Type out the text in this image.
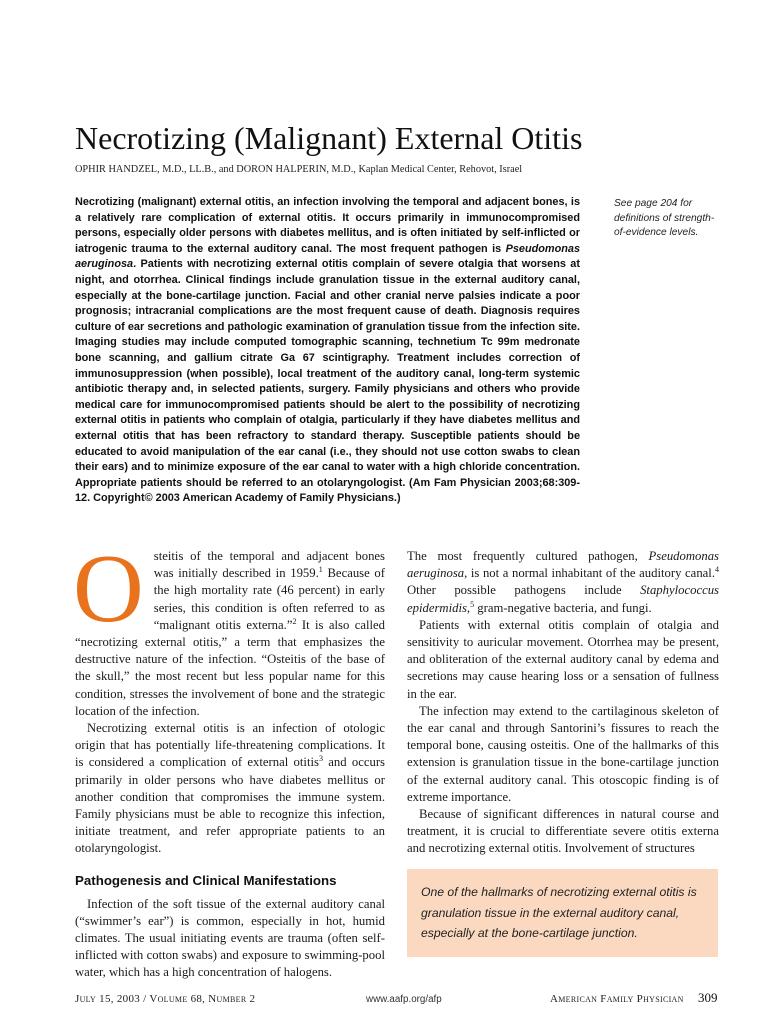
Necrotizing (Malignant) External Otitis
OPHIR HANDZEL, M.D., LL.B., and DORON HALPERIN, M.D., Kaplan Medical Center, Rehovot, Israel
Necrotizing (malignant) external otitis, an infection involving the temporal and adjacent bones, is a relatively rare complication of external otitis. It occurs primarily in immunocompromised persons, especially older persons with diabetes mellitus, and is often initiated by self-inflicted or iatrogenic trauma to the external auditory canal. The most frequent pathogen is Pseudomonas aeruginosa. Patients with necrotizing external otitis complain of severe otalgia that worsens at night, and otorrhea. Clinical findings include granulation tissue in the external auditory canal, especially at the bone-cartilage junction. Facial and other cranial nerve palsies indicate a poor prognosis; intracranial complications are the most frequent cause of death. Diagnosis requires culture of ear secretions and pathologic examination of granulation tissue from the infection site. Imaging studies may include computed tomographic scanning, technetium Tc 99m medronate bone scanning, and gallium citrate Ga 67 scintigraphy. Treatment includes correction of immunosuppression (when possible), local treatment of the auditory canal, long-term systemic antibiotic therapy and, in selected patients, surgery. Family physicians and others who provide medical care for immunocompromised patients should be alert to the possibility of necrotizing external otitis in patients who complain of otalgia, particularly if they have diabetes mellitus and external otitis that has been refractory to standard therapy. Susceptible patients should be educated to avoid manipulation of the ear canal (i.e., they should not use cotton swabs to clean their ears) and to minimize exposure of the ear canal to water with a high chloride concentration. Appropriate patients should be referred to an otolaryngologist. (Am Fam Physician 2003;68:309-12. Copyright© 2003 American Academy of Family Physicians.)
See page 204 for definitions of strength-of-evidence levels.

Osteitis of the temporal and adjacent bones was initially described in 1959.$^1$ Because of the high mortality rate (46 percent) in early series, this condition is often referred to as “malignant otitis externa.”$^2$ It is also called “necrotizing external otitis,” a term that emphasizes the destructive nature of the infection. “Osteitis of the base of the skull,” the most recent but less popular name for this condition, stresses the involvement of bone and the strategic location of the infection.

Necrotizing external otitis is an infection of otologic origin that has potentially life-threatening complications. It is considered a complication of external otitis$^3$ and occurs primarily in older persons who have diabetes mellitus or another condition that compromises the immune system. Family physicians must be able to recognize this infection, initiate treatment, and refer appropriate patients to an otolaryngologist.

Pathogenesis and Clinical Manifestations

Infection of the soft tissue of the external auditory canal (“swimmer’s ear”) is common, especially in hot, humid climates. The usual initiating events are trauma (often self-inflicted with cotton swabs) and exposure to swimming-pool water, which has a high concentration of halogens.

The most frequently cultured pathogen, Pseudomonas aeruginosa, is not a normal inhabitant of the auditory canal.$^4$ Other possible pathogens include Staphylococcus epidermidis,$^5$ gram-negative bacteria, and fungi.

Patients with external otitis complain of otalgia and sensitivity to auricular movement. Otorrhea may be present, and obliteration of the external auditory canal by edema and secretions may cause hearing loss or a sensation of fullness in the ear.

The infection may extend to the cartilaginous skeleton of the ear canal and through Santorini’s fissures to reach the temporal bone, causing osteitis. One of the hallmarks of this extension is granulation tissue in the bone-cartilage junction of the external auditory canal. This otoscopic finding is of extreme importance.

Because of significant differences in natural course and treatment, it is crucial to differentiate severe otitis externa and necrotizing external otitis. Involvement of structures

One of the hallmarks of necrotizing external otitis is granulation tissue in the external auditory canal, especially at the bone-cartilage junction.
July 15, 2003 / Volume 68, Number 2	www.aafp.org/afp	American Family Physician 309
